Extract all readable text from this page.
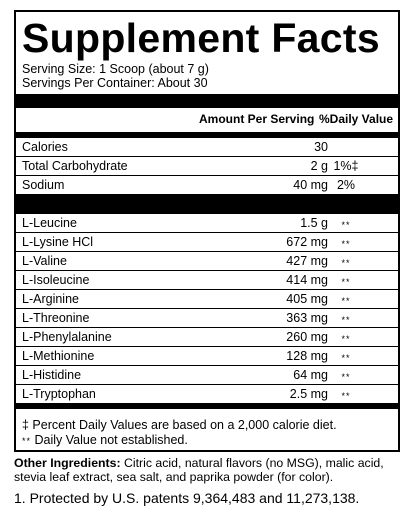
Supplement Facts
Serving Size: 1 Scoop (about 7 g)
Servings Per Container: About 30
Amount Per Serving %Daily Value
Calories	30
Total Carbohydrate	2 g 1%‡
Sodium	40 mg 2%
L-Leucine	1.5 g **
L-Lysine HCl	672 mg **
L-Valine	427 mg **
L-Isoleucine	414 mg **
L-Arginine	405 mg **
L-Threonine	363 mg **
L-Phenylalanine	260 mg **
L-Methionine	128 mg **
L-Histidine	64 mg **
L-Tryptophan	2.5 mg **
‡ Percent Daily Values are based on a 2,000 calorie diet.
** Daily Value not established.
Other Ingredients: Citric acid, natural flavors (no MSG), malic acid, stevia leaf extract, sea salt, and paprika powder (for color).
1. Protected by U.S. patents 9,364,483 and 11,273,138.
